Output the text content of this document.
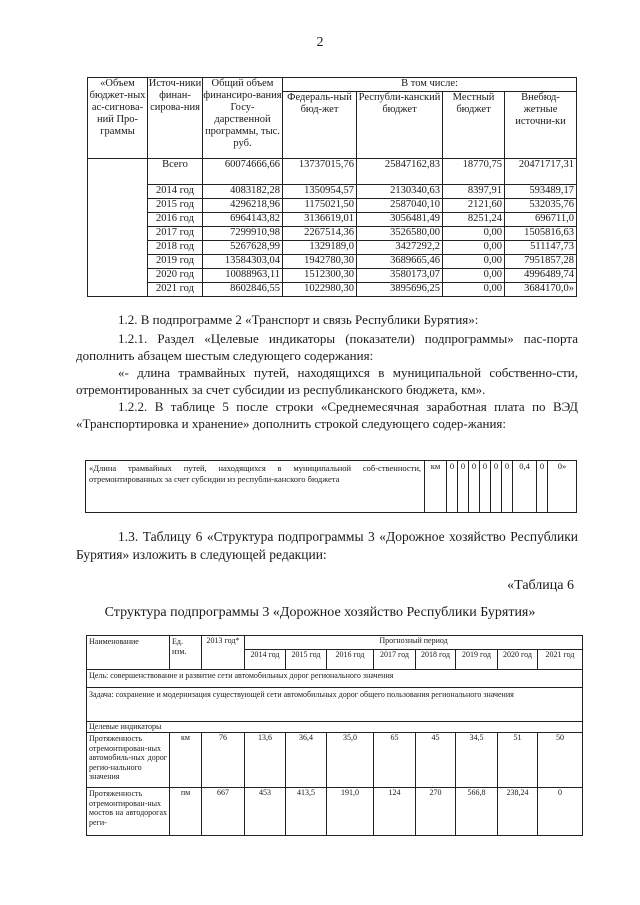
2
«Объем бюджет-ных ас-сигнова-ний Про-граммы	Источ-ники финан-сирова-ния	Общий объем финансиро-вания Госу-дарственной программы, тыс. руб.	В том числе:			
			Федераль-ный бюд-жет	Республи-канский бюджет	Местный бюджет	Внебюд-жетные источни-ки
	Всего	60074666,66	13737015,76	25847162,83	18770,75	20471717,31
	2014 год	4083182,28	1350954,57	2130340,63	8397,91	593489,17
	2015 год	4296218,96	1175021,50	2587040,10	2121,60	532035,76
	2016 год	6964143,82	3136619,01	3056481,49	8251,24	696711,0
	2017 год	7299910,98	2267514,36	3526580,00	0,00	1505816,63
	2018 год	5267628,99	1329189,0	3427292,2	0,00	511147,73
	2019 год	13584303,04	1942780,30	3689665,46	0,00	7951857,28
	2020 год	10088963,11	1512300,30	3580173,07	0,00	4996489,74
	2021 год	8602846,55	1022980,30	3895696,25	0,00	3684170,0»
1.2. В подпрограмме 2 «Транспорт и связь Республики Бурятия»:
1.2.1. Раздел «Целевые индикаторы (показатели) подпрограммы» пас-порта дополнить абзацем шестым следующего содержания:
«- длина трамвайных путей, находящихся в муниципальной собственно-сти, отремонтированных за счет субсидии из республиканского бюджета, км».
1.2.2. В таблице 5 после строки «Среднемесячная заработная плата по ВЭД «Транспортировка и хранение» дополнить строкой следующего содер-жания:
«Длина трамвайных путей, находящихся в муниципальной соб-ственности, отремонтированных за счет субсидии из республи-канского бюджета	км	0	0	0	0	0	0	0,4	0	0»
1.3. Таблицу 6 «Структура подпрограммы 3 «Дорожное хозяйство Республики Бурятия» изложить в следующей редакции:
«Таблица 6
Структура подпрограммы 3 «Дорожное хозяйство Республики Бурятия»
Наименование	Ед. изм.	2013 год*	Прогнозный период							
			2014 год	2015 год	2016 год	2017 год	2018 год	2019 год	2020 год	2021 год
Цель: совершенствование и развитие сети автомобильных дорог регионального значения										
Задача: сохранение и модернизация существующей сети автомобильных дорог общего пользования регионального значения										
Целевые индикаторы										
Протяженность отремонтирован-ных автомобиль-ных дорог регио-нального значения	км	76	13,6	36,4	35,0	65	45	34,5	51	50
Протяженность отремонтирован-ных мостов на автодорогах реги-	пм	667	453	413,5	191,0	124	270	566,8	238,24	0
